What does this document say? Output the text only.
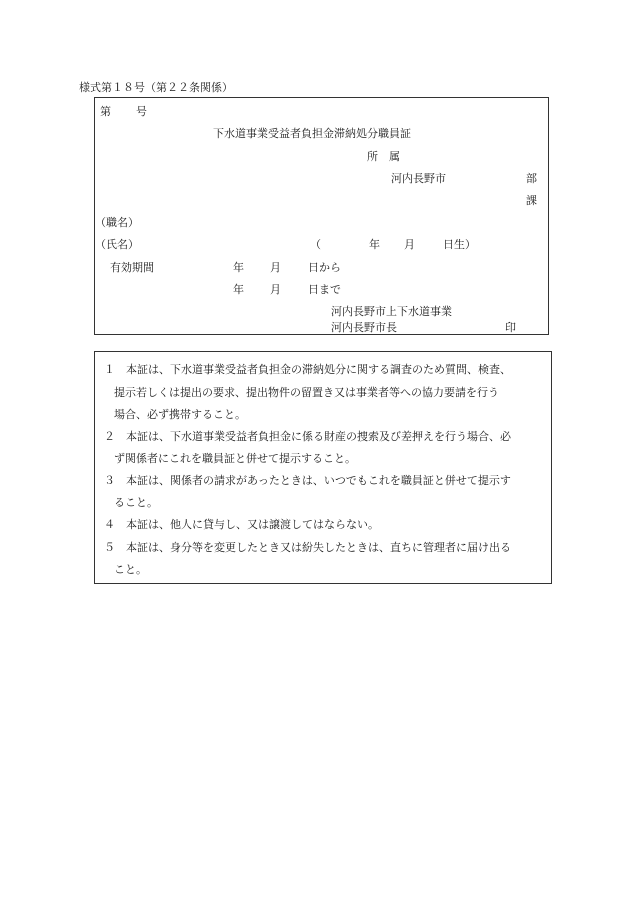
様式第１８号（第２２条関係）
第 号
下水道事業受益者負担金滞納処分職員証
所　属
河内長野市	部
課
（職名）
（氏名）	（	年 月	日生）
有効期間	年 月 日から
年 月 日まで
河内長野市上下水道事業
河内長野市長	印
１　本証は、下水道事業受益者負担金の滞納処分に関する調査のため質問、検査、
提示若しくは提出の要求、提出物件の留置き又は事業者等への協力要請を行う
場合、必ず携帯すること。
２　本証は、下水道事業受益者負担金に係る財産の捜索及び差押えを行う場合、必
ず関係者にこれを職員証と併せて提示すること。
３　本証は、関係者の請求があったときは、いつでもこれを職員証と併せて提示す
ること。
４　本証は、他人に貸与し、又は譲渡してはならない。
５　本証は、身分等を変更したとき又は紛失したときは、直ちに管理者に届け出る
こと。
